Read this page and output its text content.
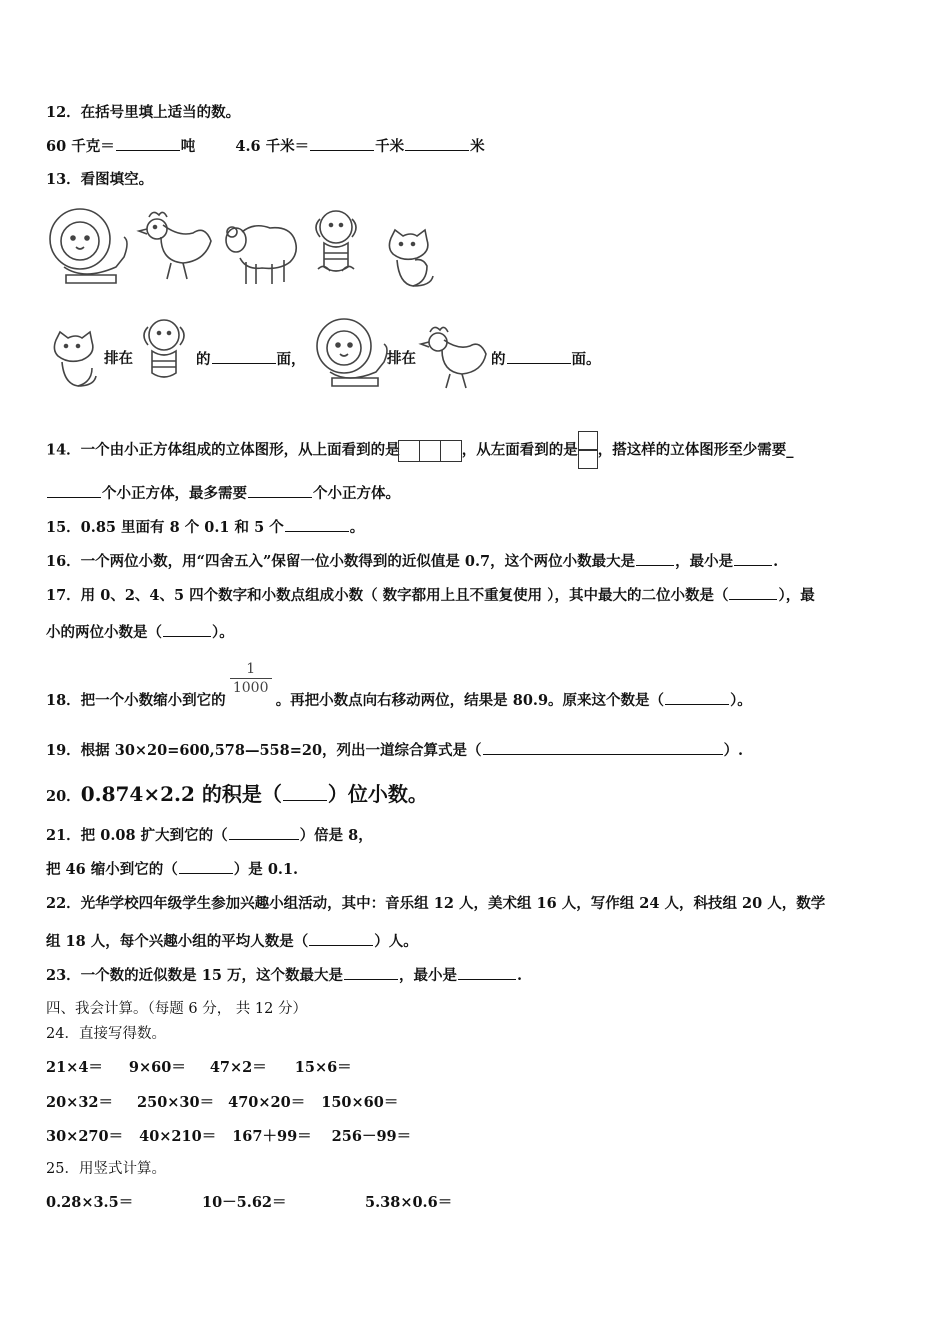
12．在括号里填上适当的数。
60 千克＝	吨	4.6 千米＝	千米	米
13．看图填空。
排在	的	面，	排在	的	面。
14．一个由小正方体组成的立体图形，从上面看到的是	，从左面看到的是 ，搭这样的立体图形至少需要_
个小正方体，最多需要	个小正方体。
15．0.85 里面有 8 个 0.1 和 5 个	。
16．一个两位小数，用“四舍五入”保留一位小数得到的近似值是 0.7，这个两位小数最大是	，最小是	.
17．用 0、2、4、5 四个数字和小数点组成小数（ 数字都用上且不重复使用 ），其中最大的二位小数是（	），最
小的两位小数是（	）。
18．把一个小数缩小到它的
$\frac{1}{1000}$
。再把小数点向右移动两位，结果是 80.9。原来这个数是（	）。
19．根据 30×20=600,578—558=20，列出一道综合算式是（	）.
20．0.874×2.2 的积是（ ）位小数。
21．把 0.08 扩大到它的（	）倍是 8，
把 46 缩小到它的（	）是 0.1.
22．光华学校四年级学生参加兴趣小组活动，其中：音乐组 12 人，美术组 16 人，写作组 24 人，科技组 20 人，数学
组 18 人，每个兴趣小组的平均人数是（	）人。
23．一个数的近似数是 15 万，这个数最大是	，最小是	.
四、我会计算。（每题 6 分， 共 12 分）
24．直接写得数。
21×4＝ 9×60＝ 47×2＝ 15×6＝
20×32＝ 250×30＝ 470×20＝ 150×60＝
30×270＝ 40×210＝ 167＋99＝ 256－99＝
25．用竖式计算。
0.28×3.5＝	10－5.62＝	5.38×0.6＝
